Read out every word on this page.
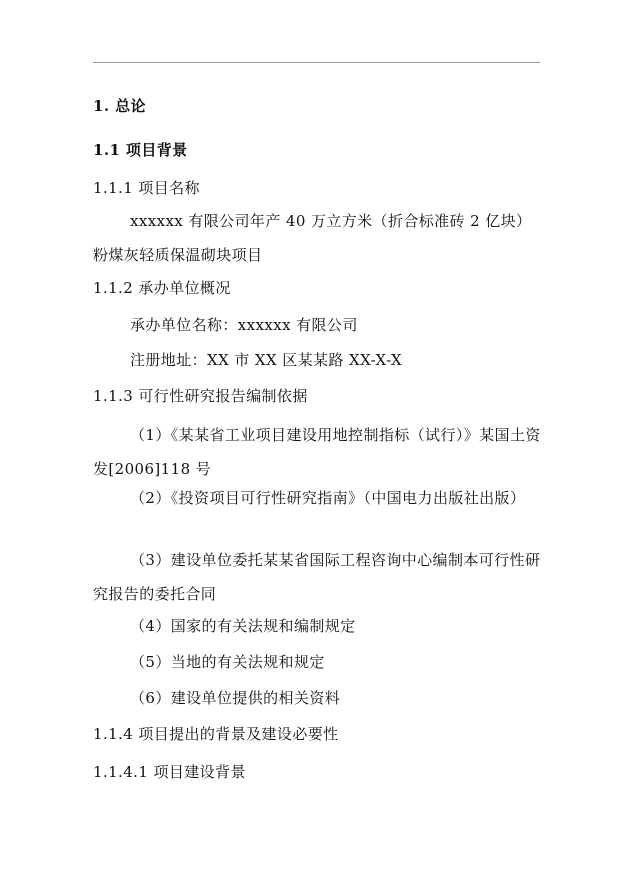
1. 总论
1.1 项目背景
1.1.1 项目名称
xxxxxx 有限公司年产 40 万立方米（折合标准砖 2 亿块）粉煤灰轻质保温砌块项目
1.1.2 承办单位概况
承办单位名称：xxxxxx 有限公司
注册地址：XX 市 XX 区某某路 XX-X-X
1.1.3 可行性研究报告编制依据
（1）《某某省工业项目建设用地控制指标（试行）》某国土资发[2006]118 号
（2）《投资项目可行性研究指南》（中国电力出版社出版）
（3）建设单位委托某某省国际工程咨询中心编制本可行性研究报告的委托合同
（4）国家的有关法规和编制规定
（5）当地的有关法规和规定
（6）建设单位提供的相关资料
1.1.4 项目提出的背景及建设必要性
1.1.4.1 项目建设背景
